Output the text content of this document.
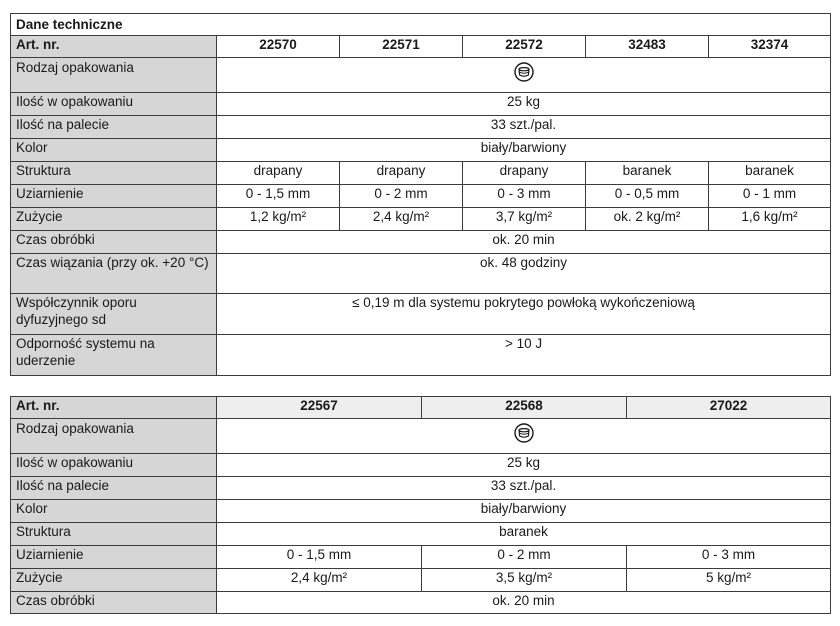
Dane techniczne					
Art. nr.	22570	22571	22572	32483	32374
Rodzaj opakowania	

Ilość w opakowaniu	25 kg				
Ilość na palecie	33 szt./pal.				
Kolor	biały/barwiony				
Struktura	drapany	drapany	drapany	baranek	baranek
Uziarnienie	0 - 1,5 mm	0 - 2 mm	0 - 3 mm	0 - 0,5 mm	0 - 1 mm
Zużycie	1,2 kg/m²	2,4 kg/m²	3,7 kg/m²	ok. 2 kg/m²	1,6 kg/m²
Czas obróbki	ok. 20 min				
Czas wiązania (przy ok. +20 °C)	ok. 48 godziny				
Współczynnik oporu dyfuzyjnego sd	≤ 0,19 m dla systemu pokrytego powłoką wykończeniową				
Odporność systemu na uderzenie	> 10 J				
Art. nr.	22567	22568	27022
Rodzaj opakowania	

Ilość w opakowaniu	25 kg		
Ilość na palecie	33 szt./pal.		
Kolor	biały/barwiony		
Struktura	baranek		
Uziarnienie	0 - 1,5 mm	0 - 2 mm	0 - 3 mm
Zużycie	2,4 kg/m²	3,5 kg/m²	5 kg/m²
Czas obróbki	ok. 20 min		
